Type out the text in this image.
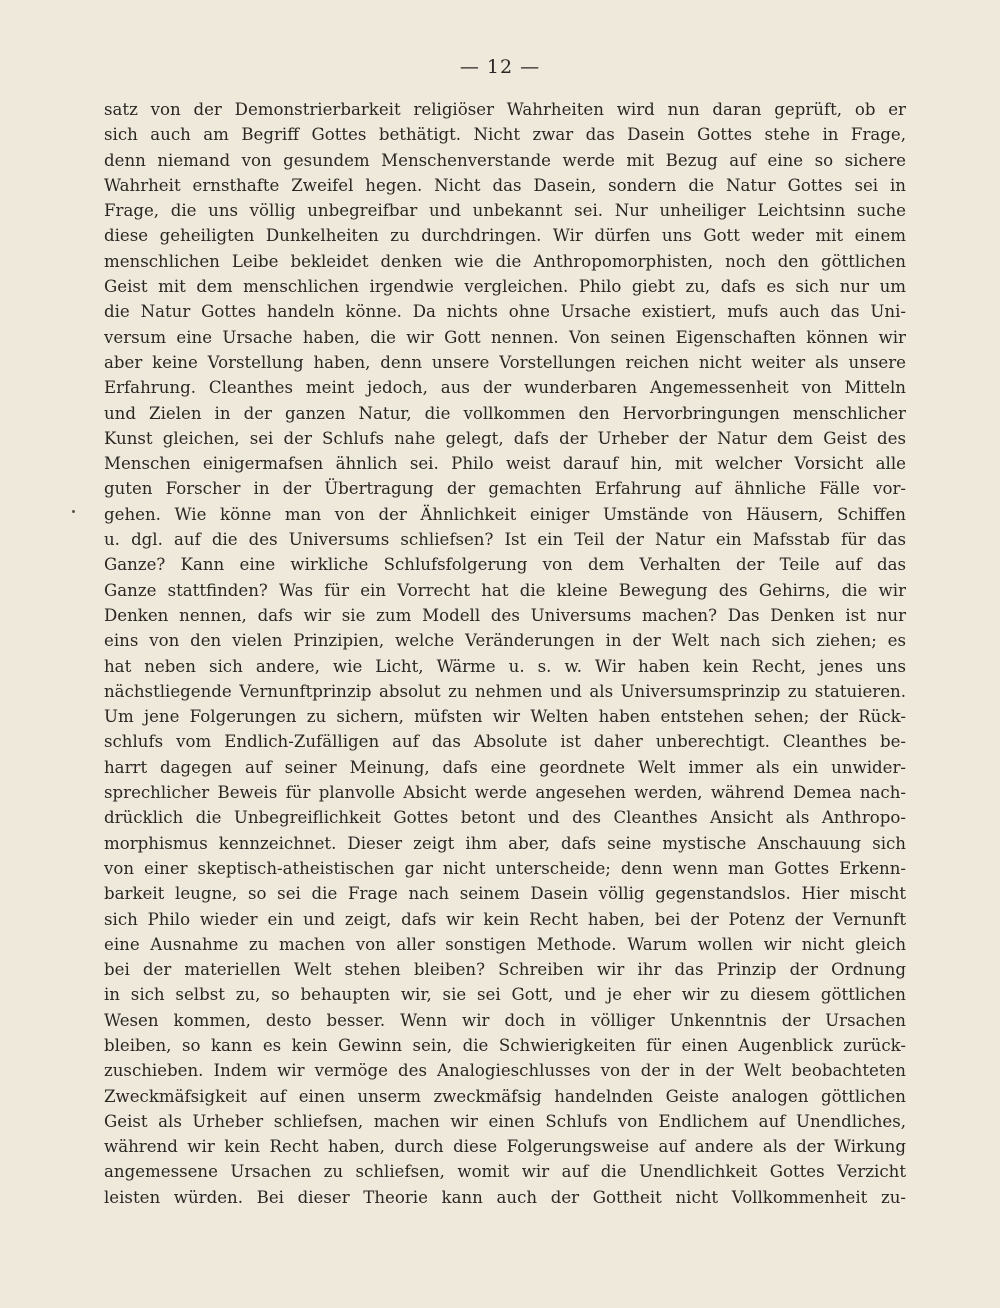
— 12 —
satz von der Demonstrierbarkeit religiöser Wahrheiten wird nun daran geprüft, ob er
sich auch am Begriff Gottes bethätigt. Nicht zwar das Dasein Gottes stehe in Frage,
denn niemand von gesundem Menschenverstande werde mit Bezug auf eine so sichere
Wahrheit ernsthafte Zweifel hegen. Nicht das Dasein, sondern die Natur Gottes sei in
Frage, die uns völlig unbegreifbar und unbekannt sei. Nur unheiliger Leichtsinn suche
diese geheiligten Dunkelheiten zu durchdringen. Wir dürfen uns Gott weder mit einem
menschlichen Leibe bekleidet denken wie die Anthropomorphisten, noch den göttlichen
Geist mit dem menschlichen irgendwie vergleichen. Philo giebt zu, dafs es sich nur um
die Natur Gottes handeln könne. Da nichts ohne Ursache existiert, mufs auch das Uni-
versum eine Ursache haben, die wir Gott nennen. Von seinen Eigenschaften können wir
aber keine Vorstellung haben, denn unsere Vorstellungen reichen nicht weiter als unsere
Erfahrung. Cleanthes meint jedoch, aus der wunderbaren Angemessenheit von Mitteln
und Zielen in der ganzen Natur, die vollkommen den Hervorbringungen menschlicher
Kunst gleichen, sei der Schlufs nahe gelegt, dafs der Urheber der Natur dem Geist des
Menschen einigermafsen ähnlich sei. Philo weist darauf hin, mit welcher Vorsicht alle
guten Forscher in der Übertragung der gemachten Erfahrung auf ähnliche Fälle vor-
gehen. Wie könne man von der Ähnlichkeit einiger Umstände von Häusern, Schiffen
u. dgl. auf die des Universums schliefsen? Ist ein Teil der Natur ein Mafsstab für das
Ganze? Kann eine wirkliche Schlufsfolgerung von dem Verhalten der Teile auf das
Ganze stattfinden? Was für ein Vorrecht hat die kleine Bewegung des Gehirns, die wir
Denken nennen, dafs wir sie zum Modell des Universums machen? Das Denken ist nur
eins von den vielen Prinzipien, welche Veränderungen in der Welt nach sich ziehen; es
hat neben sich andere, wie Licht, Wärme u. s. w. Wir haben kein Recht, jenes uns
nächstliegende Vernunftprinzip absolut zu nehmen und als Universumsprinzip zu statuieren.
Um jene Folgerungen zu sichern, müfsten wir Welten haben entstehen sehen; der Rück-
schlufs vom Endlich-Zufälligen auf das Absolute ist daher unberechtigt. Cleanthes be-
harrt dagegen auf seiner Meinung, dafs eine geordnete Welt immer als ein unwider-
sprechlicher Beweis für planvolle Absicht werde angesehen werden, während Demea nach-
drücklich die Unbegreiflichkeit Gottes betont und des Cleanthes Ansicht als Anthropo-
morphismus kennzeichnet. Dieser zeigt ihm aber, dafs seine mystische Anschauung sich
von einer skeptisch-atheistischen gar nicht unterscheide; denn wenn man Gottes Erkenn-
barkeit leugne, so sei die Frage nach seinem Dasein völlig gegenstandslos. Hier mischt
sich Philo wieder ein und zeigt, dafs wir kein Recht haben, bei der Potenz der Vernunft
eine Ausnahme zu machen von aller sonstigen Methode. Warum wollen wir nicht gleich
bei der materiellen Welt stehen bleiben? Schreiben wir ihr das Prinzip der Ordnung
in sich selbst zu, so behaupten wir, sie sei Gott, und je eher wir zu diesem göttlichen
Wesen kommen, desto besser. Wenn wir doch in völliger Unkenntnis der Ursachen
bleiben, so kann es kein Gewinn sein, die Schwierigkeiten für einen Augenblick zurück-
zuschieben. Indem wir vermöge des Analogieschlusses von der in der Welt beobachteten
Zweckmäfsigkeit auf einen unserm zweckmäfsig handelnden Geiste analogen göttlichen
Geist als Urheber schliefsen, machen wir einen Schlufs von Endlichem auf Unendliches,
während wir kein Recht haben, durch diese Folgerungsweise auf andere als der Wirkung
angemessene Ursachen zu schliefsen, womit wir auf die Unendlichkeit Gottes Verzicht
leisten würden. Bei dieser Theorie kann auch der Gottheit nicht Vollkommenheit zu-
